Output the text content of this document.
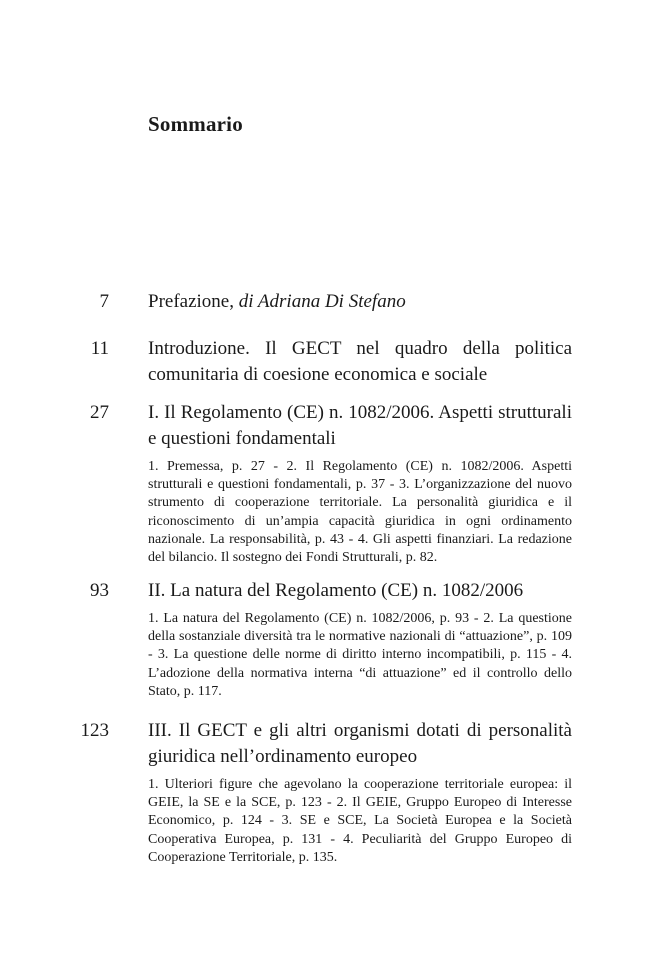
Sommario
7 Prefazione, di Adriana Di Stefano

11 Introduzione. Il GECT nel quadro della politica comunitaria di coesione economica e sociale

27 I. Il Regolamento (CE) n. 1082/2006. Aspetti strutturali e questioni fondamentali

1. Premessa, p. 27 - 2. Il Regolamento (CE) n. 1082/2006. Aspetti strutturali e questioni fondamentali, p. 37 - 3. L’organizzazione del nuovo strumento di cooperazione territoriale. La personalità giuridica e il riconoscimento di un’ampia capacità giuridica in ogni ordinamento nazionale. La responsabilità, p. 43 - 4. Gli aspetti finanziari. La redazione del bilancio. Il sostegno dei Fondi Strutturali, p. 82.

93 II. La natura del Regolamento (CE) n. 1082/2006

1. La natura del Regolamento (CE) n. 1082/2006, p. 93 - 2. La questione della sostanziale diversità tra le normative nazionali di “attuazione”, p. 109 - 3. La questione delle norme di diritto interno incompatibili, p. 115 - 4. L’adozione della normativa interna “di attuazione” ed il controllo dello Stato, p. 117.

123 III. Il GECT e gli altri organismi dotati di personalità giuridica nell’ordinamento europeo

1. Ulteriori figure che agevolano la cooperazione territoriale europea: il GEIE, la SE e la SCE, p. 123 - 2. Il GEIE, Gruppo Europeo di Interesse Economico, p. 124 - 3. SE e SCE, La Società Europea e la Società Cooperativa Europea, p. 131 - 4. Peculiarità del Gruppo Europeo di Cooperazione Territoriale, p. 135.
